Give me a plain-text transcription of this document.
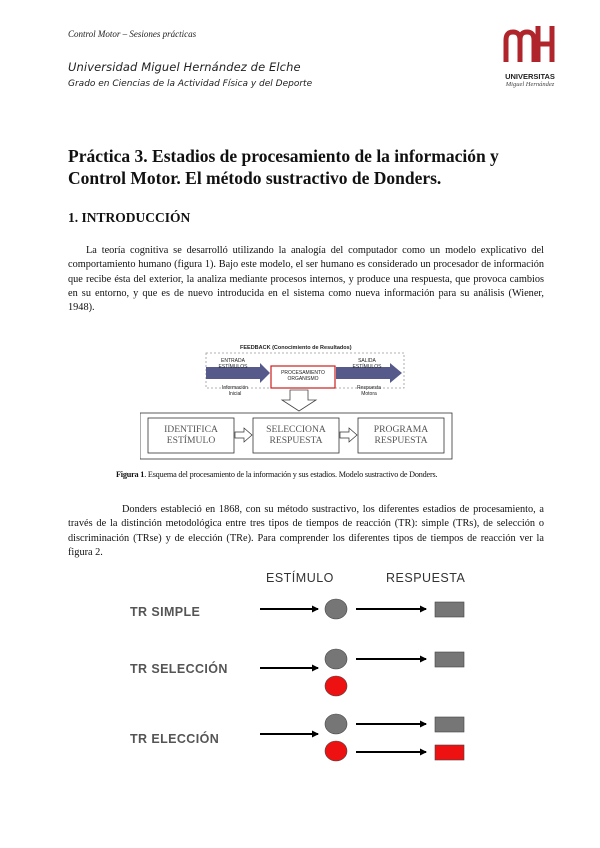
Control Motor – Sesiones prácticas
Universidad Miguel Hernández de Elche
Grado en Ciencias de la Actividad Física y del Deporte
UNIVERSITAS
Miguel Hernández
Práctica 3. Estadios de procesamiento de la información y
Control Motor. El método sustractivo de Donders.
1. INTRODUCCIÓN
La teoría cognitiva se desarrolló utilizando la analogía del computador como un modelo explicativo del comportamiento humano (figura 1). Bajo este modelo, el ser humano es considerado un procesador de información que recibe ésta del exterior, la analiza mediante procesos internos, y produce una respuesta, que provoca cambios en su entorno, y que es de nuevo introducida en el sistema como nueva información para su análisis (Wiener, 1948).
FEEDBACK (Conocimiento de Resultados)
ENTRADA
ESTÍMULOS
PROCESAMIENTO
ORGANISMO
SALIDA
ESTÍMULOS
Información
Inicial
Respuesta
Motora
IDENTIFICA
ESTÍMULO
SELECCIONA
RESPUESTA
PROGRAMA
RESPUESTA
Figura 1. Esquema del procesamiento de la información y sus estadios. Modelo sustractivo de Donders.
Donders estableció en 1868, con su método sustractivo, los diferentes estadios de procesamiento, a través de la distinción metodológica entre tres tipos de tiempos de reacción (TR): simple (TRs), de selección o discriminación (TRse) y de elección (TRe). Para comprender los diferentes tipos de tiempos de reacción ver la figura 2.
ESTÍMULO	RESPUESTA
TR SIMPLE
TR SELECCIÓN
TR ELECCIÓN
